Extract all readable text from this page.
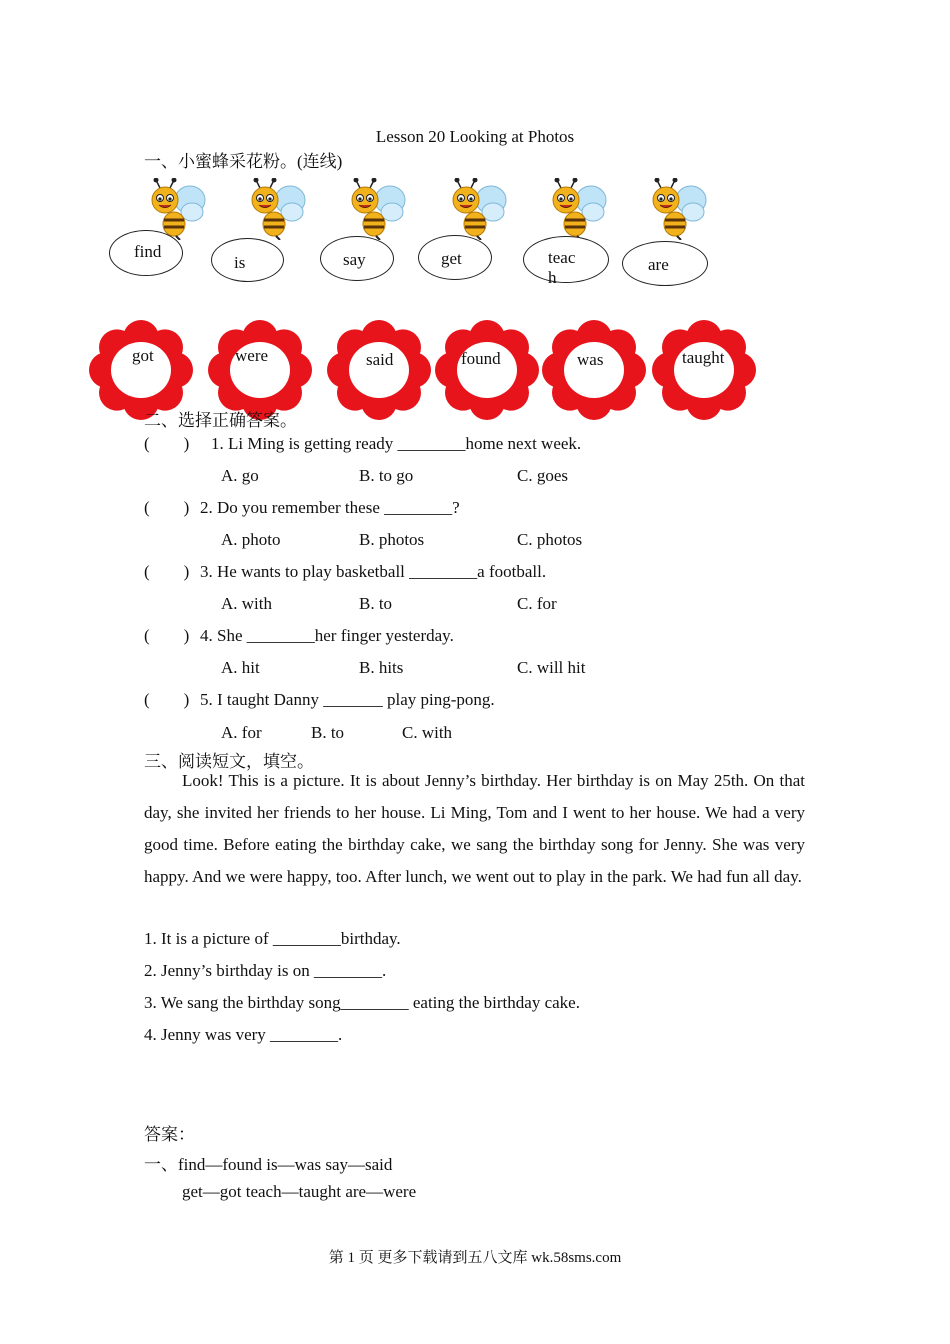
Lesson 20 Looking at Photos
一、小蜜蜂采花粉。(连线)
find
is	say	get	teach
are
got	were	said	found	was	taught
二、选择正确答案。
(        ) 1. Li Ming is getting ready ________home next week.
A. go	B. to go	C. goes
(        ) 2. Do you remember these ________?
A. photo	B. photos	C. photos
(        ) 3. He wants to play basketball ________a football.
A. with	B. to	C. for
(        ) 4. She ________her finger yesterday.
A. hit	B. hits	C. will hit
(        ) 5. I taught Danny _______ play ping-pong.
A. for	B. to	C. with
三、阅读短文，填空。

Look! This is a picture. It is about Jenny’s birthday. Her birthday is on May 25th. On that day, she invited her friends to her house. Li Ming, Tom and I went to her house. We had a very good time. Before eating the birthday cake, we sang the birthday song for Jenny. She was very happy. And we were happy, too. After lunch, we went out to play in the park. We had fun all day.

1. It is a picture of ________birthday.
2. Jenny’s birthday is on ________.
3. We sang the birthday song________ eating the birthday cake.
4. Jenny was very ________.
答案：
一、find—found is—was say—said
get—got teach—taught are—were
第 1 页 更多下载请到五八文库 wk.58sms.com
